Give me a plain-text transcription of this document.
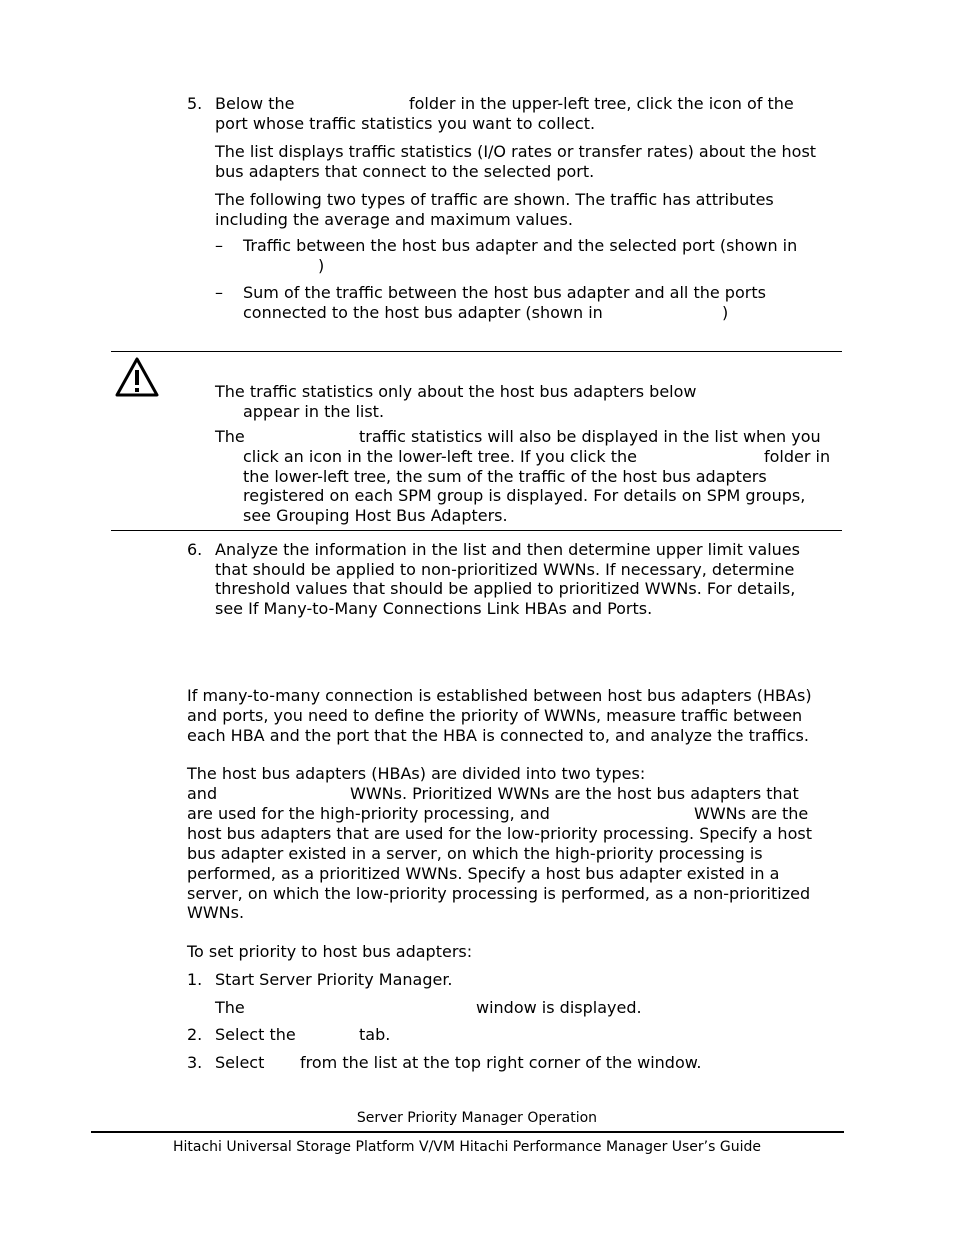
5. Below the	folder in the upper-left tree, click the icon of the
port whose traffic statistics you want to collect.
The list displays traffic statistics (I/O rates or transfer rates) about the host
bus adapters that connect to the selected port.
The following two types of traffic are shown. The traffic has attributes
including the average and maximum values.
– Traffic between the host bus adapter and the selected port (shown in
)
– Sum of the traffic between the host bus adapter and all the ports
connected to the host bus adapter (shown in	)
The traffic statistics only about the host bus adapters below
appear in the list.
The	traffic statistics will also be displayed in the list when you
click an icon in the lower-left tree. If you click the	folder in
the lower-left tree, the sum of the traffic of the host bus adapters
registered on each SPM group is displayed. For details on SPM groups,
see Grouping Host Bus Adapters.
6. Analyze the information in the list and then determine upper limit values
that should be applied to non-prioritized WWNs. If necessary, determine
threshold values that should be applied to prioritized WWNs. For details,
see If Many-to-Many Connections Link HBAs and Ports.
If many-to-many connection is established between host bus adapters (HBAs)
and ports, you need to define the priority of WWNs, measure traffic between
each HBA and the port that the HBA is connected to, and analyze the traffics.
The host bus adapters (HBAs) are divided into two types:
and	WWNs. Prioritized WWNs are the host bus adapters that
are used for the high-priority processing, and	WWNs are the
host bus adapters that are used for the low-priority processing. Specify a host
bus adapter existed in a server, on which the high-priority processing is
performed, as a prioritized WWNs. Specify a host bus adapter existed in a
server, on which the low-priority processing is performed, as a non-prioritized
WWNs.
To set priority to host bus adapters:
1. Start Server Priority Manager.
The	window is displayed.
2. Select the	tab.
3. Select from the list at the top right corner of the window.
Server Priority Manager Operation
Hitachi Universal Storage Platform V/VM Hitachi Performance Manager User’s Guide
